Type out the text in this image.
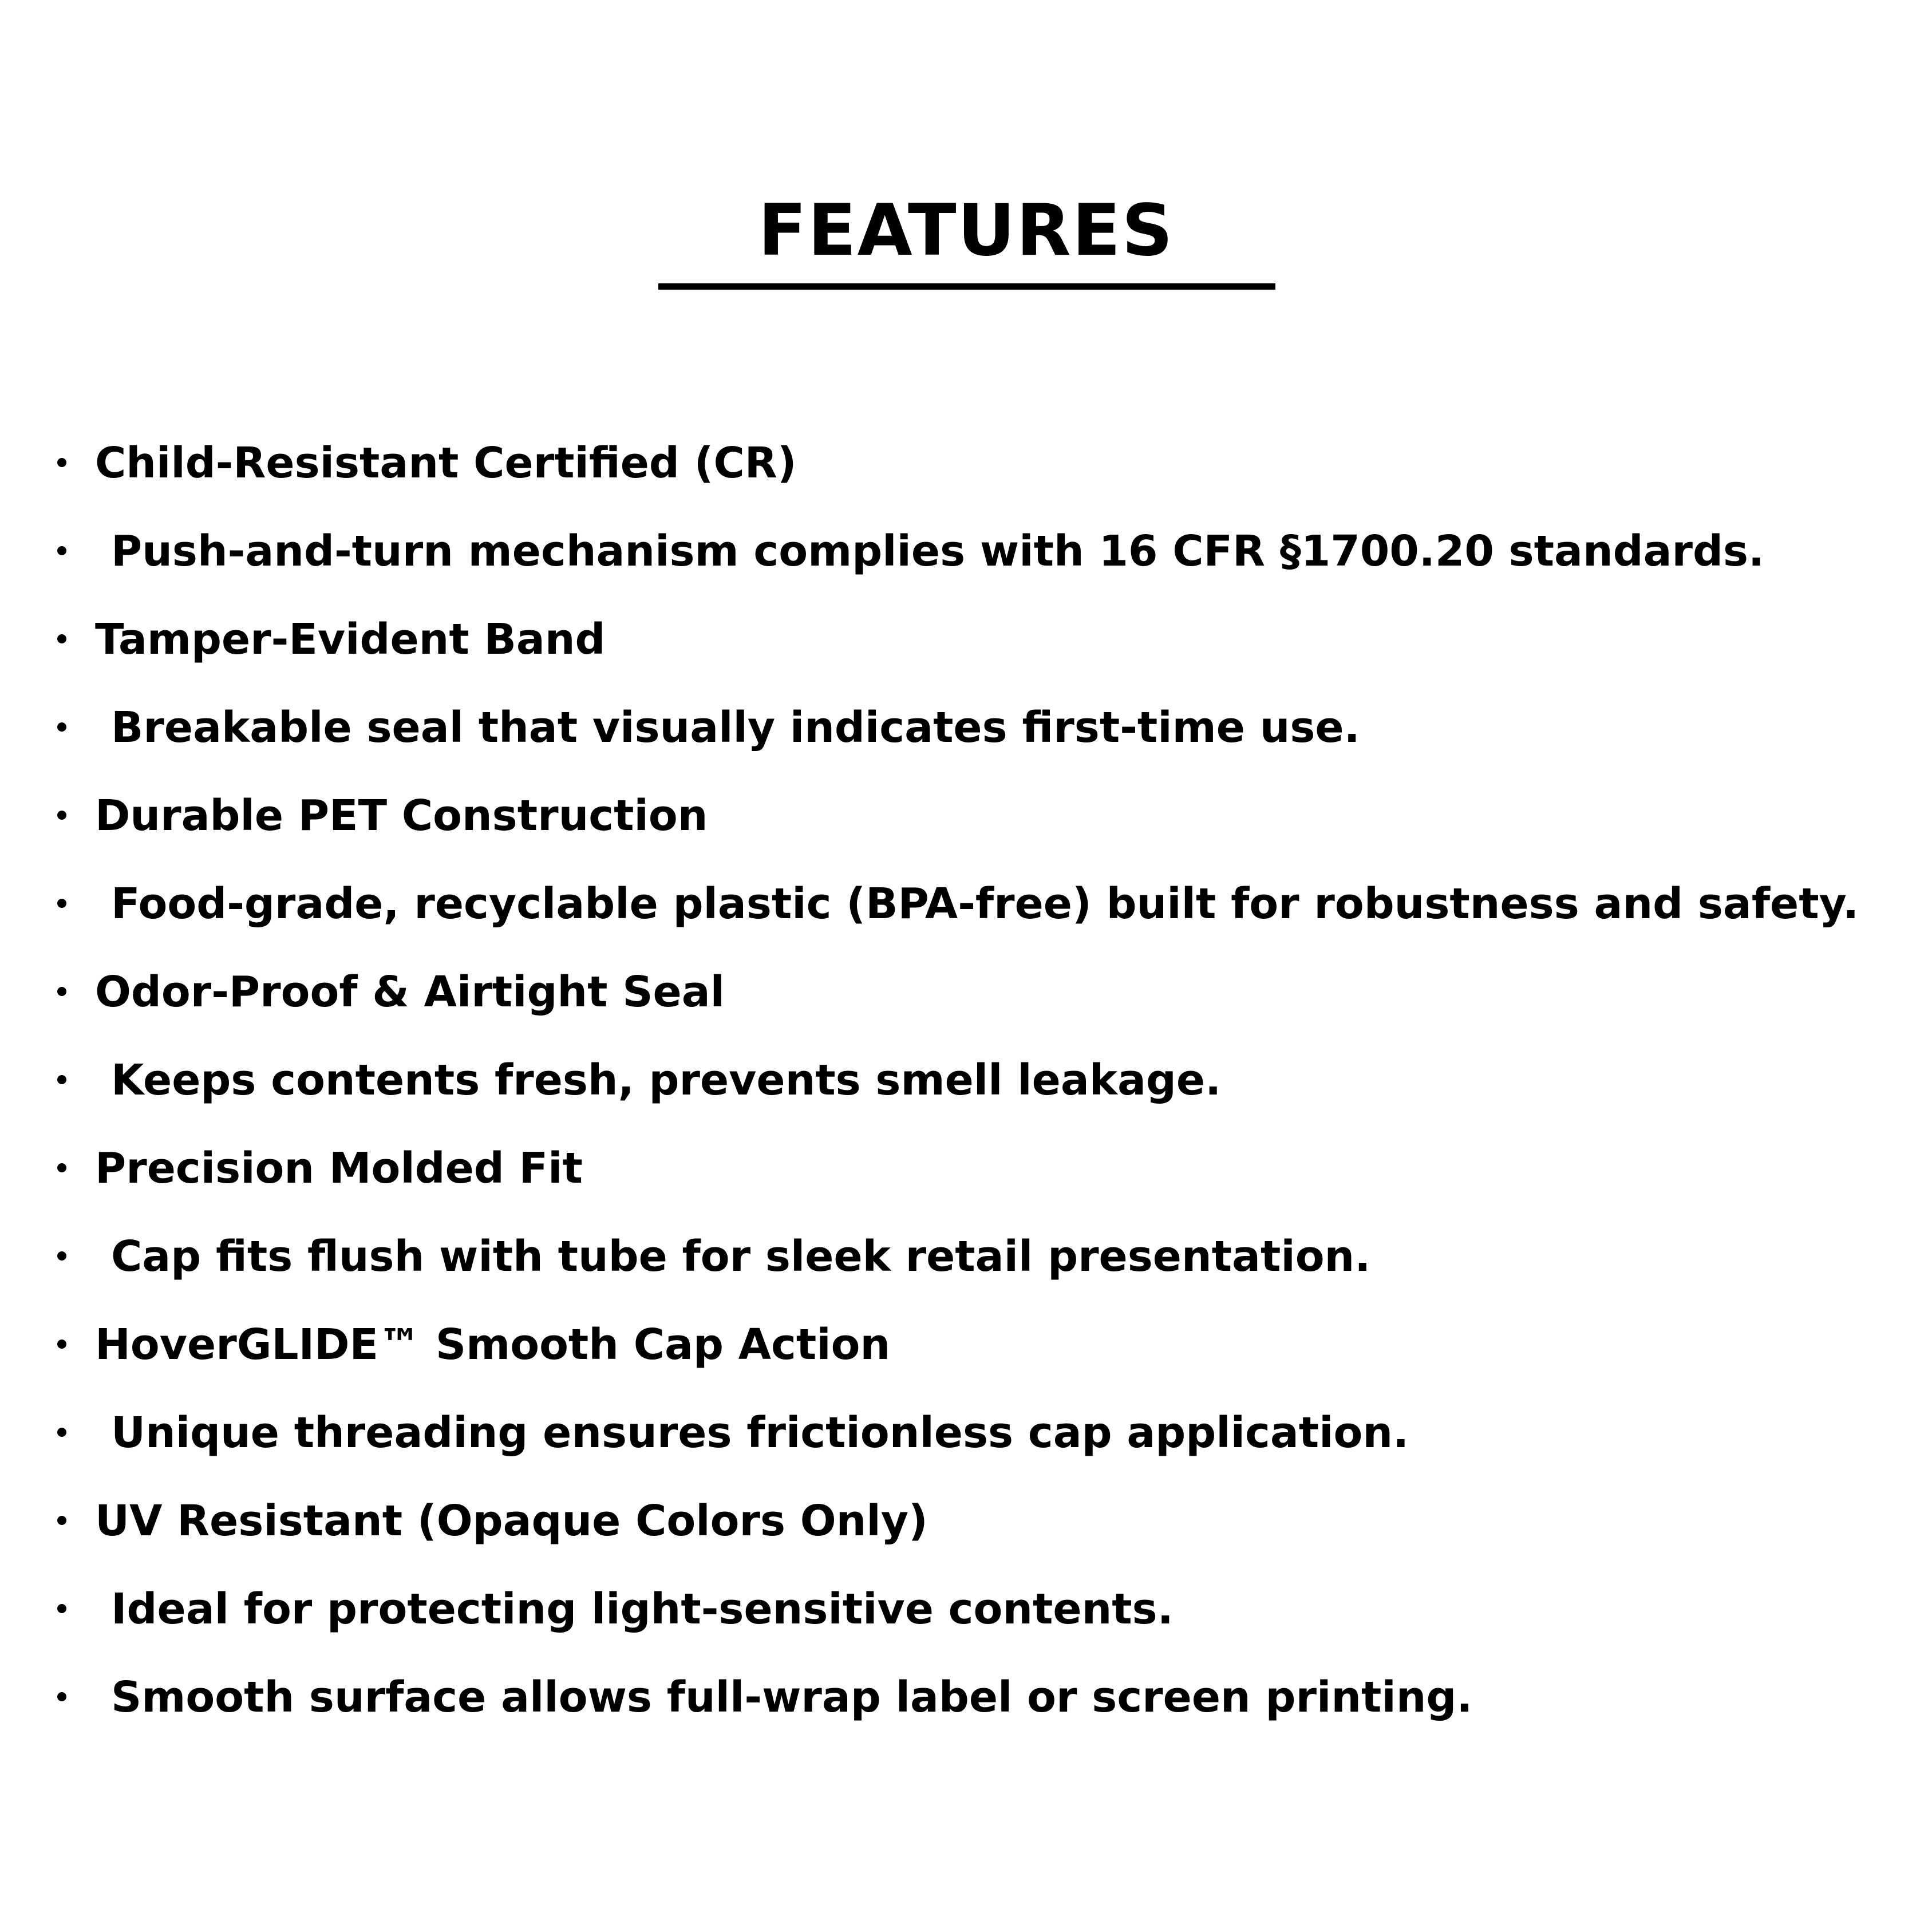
FEATURES
Child-Resistant Certified (CR)
Push-and-turn mechanism complies with 16 CFR §1700.20 standards.
Tamper-Evident Band
Breakable seal that visually indicates first-time use.
Durable PET Construction
Food-grade, recyclable plastic (BPA-free) built for robustness and safety.
Odor-Proof & Airtight Seal
Keeps contents fresh, prevents smell leakage.
Precision Molded Fit
Cap fits flush with tube for sleek retail presentation.
HoverGLIDE™ Smooth Cap Action
Unique threading ensures frictionless cap application.
UV Resistant (Opaque Colors Only)
Ideal for protecting light-sensitive contents.
Smooth surface allows full-wrap label or screen printing.
